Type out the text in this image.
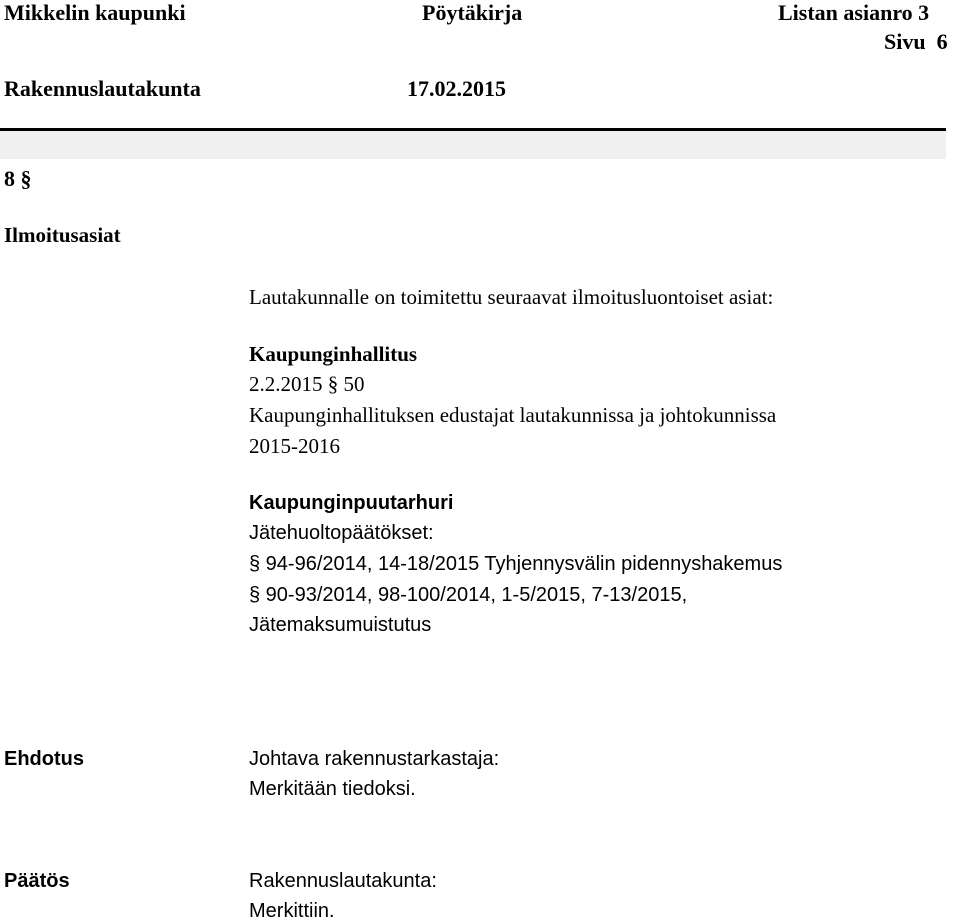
Mikkelin kaupunki	Pöytäkirja	Listan asianro 3
Sivu 6
Rakennuslautakunta	17.02.2015
8 §
Ilmoitusasiat
Lautakunnalle on toimitettu seuraavat ilmoitusluontoiset asiat:
Kaupunginhallitus
2.2.2015 § 50
Kaupunginhallituksen edustajat lautakunnissa ja johtokunnissa
2015-2016
Kaupunginpuutarhuri
Jätehuoltopäätökset:
§ 94-96/2014, 14-18/2015 Tyhjennysvälin pidennyshakemus
§ 90-93/2014, 98-100/2014, 1-5/2015, 7-13/2015,
Jätemaksumuistutus
Ehdotus	Johtava rakennustarkastaja:
Merkitään tiedoksi.
Päätös	Rakennuslautakunta:
Merkittiin.
